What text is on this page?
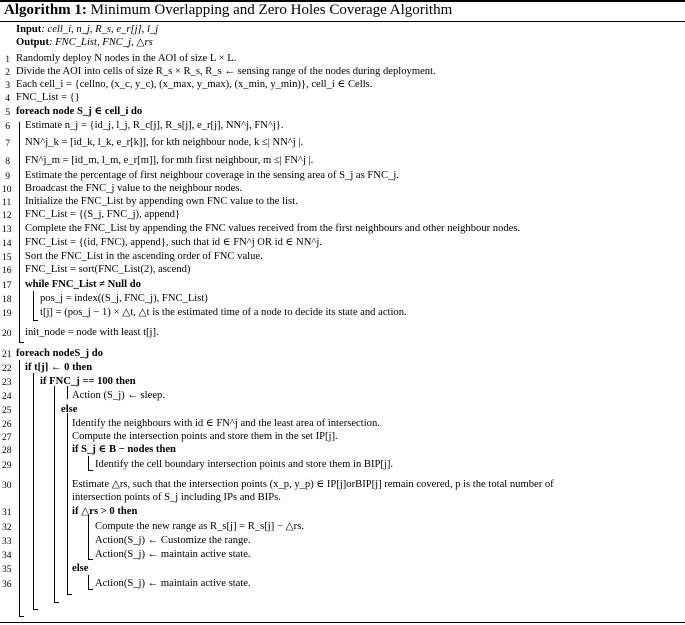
Algorithm 1: Minimum Overlapping and Zero Holes Coverage Algorithm
Input: cell_i, n_j, R_s, e_r[j], l_j
Output: FNC_List, FNC_j, △rs
1 Randomly deploy N nodes in the AOI of size L × L.
2 Divide the AOI into cells of size R_s × R_s, R_s ← sensing range of the nodes during deployment.
3 Each cell_i = {cellno, (x_c, y_c), (x_max, y_max), (x_min, y_min)}, cell_i ∈ Cells.
4 FNC_List = {}
5 foreach node S_j ∈ cell_i do
6 Estimate n_j = {id_j, l_j, R_c[j], R_s[j], e_r[j], NN^j, FN^j}.
7 NN^j_k = [id_k, l_k, e_r[k]], for kth neighbour node, k ≤| NN^j |.
8 FN^j_m = [id_m, l_m, e_r[m]], for mth first neighbour, m ≤| FN^j |.
9 Estimate the percentage of first neighbour coverage in the sensing area of S_j as FNC_j.
10 Broadcast the FNC_j value to the neighbour nodes.
11 Initialize the FNC_List by appending own FNC value to the list.
12 FNC_List = {(S_j, FNC_j), append}
13 Complete the FNC_List by appending the FNC values received from the first neighbours and other neighbour nodes.
14 FNC_List = {(id, FNC), append}, such that id ∈ FN^j OR id ∈ NN^j.
15 Sort the FNC_List in the ascending order of FNC value.
16 FNC_List = sort(FNC_List(2), ascend)
17 while FNC_List ≠ Null do
18	pos_j = index((S_j, FNC_j), FNC_List)
19	t[j] = (pos_j − 1) × △t, △t is the estimated time of a node to decide its state and action.
20 init_node = node with least t[j].
21 foreach nodeS_j do
22 if t[j] ← 0 then
23	if FNC_j == 100 then
24	Action (S_j) ← sleep.
25	else
26	Identify the neighbours with id ∈ FN^j and the least area of intersection.
27	Compute the intersection points and store them in the set IP[j].
28	if S_j ∈ B − nodes then
29	Identify the cell boundary intersection points and store them in BIP[j].
30	Estimate △rs, such that the intersection points (x_p, y_p) ∈ IP[j]orBIP[j] remain covered, p is the total number of
intersection points of S_j including IPs and BIPs.
31	if △rs > 0 then
32	Compute the new range as R_s[j] = R_s[j] − △rs.
33	Action(S_j) ← Customize the range.
34	Action(S_j) ← maintain active state.
35	else
36	Action(S_j) ← maintain active state.
